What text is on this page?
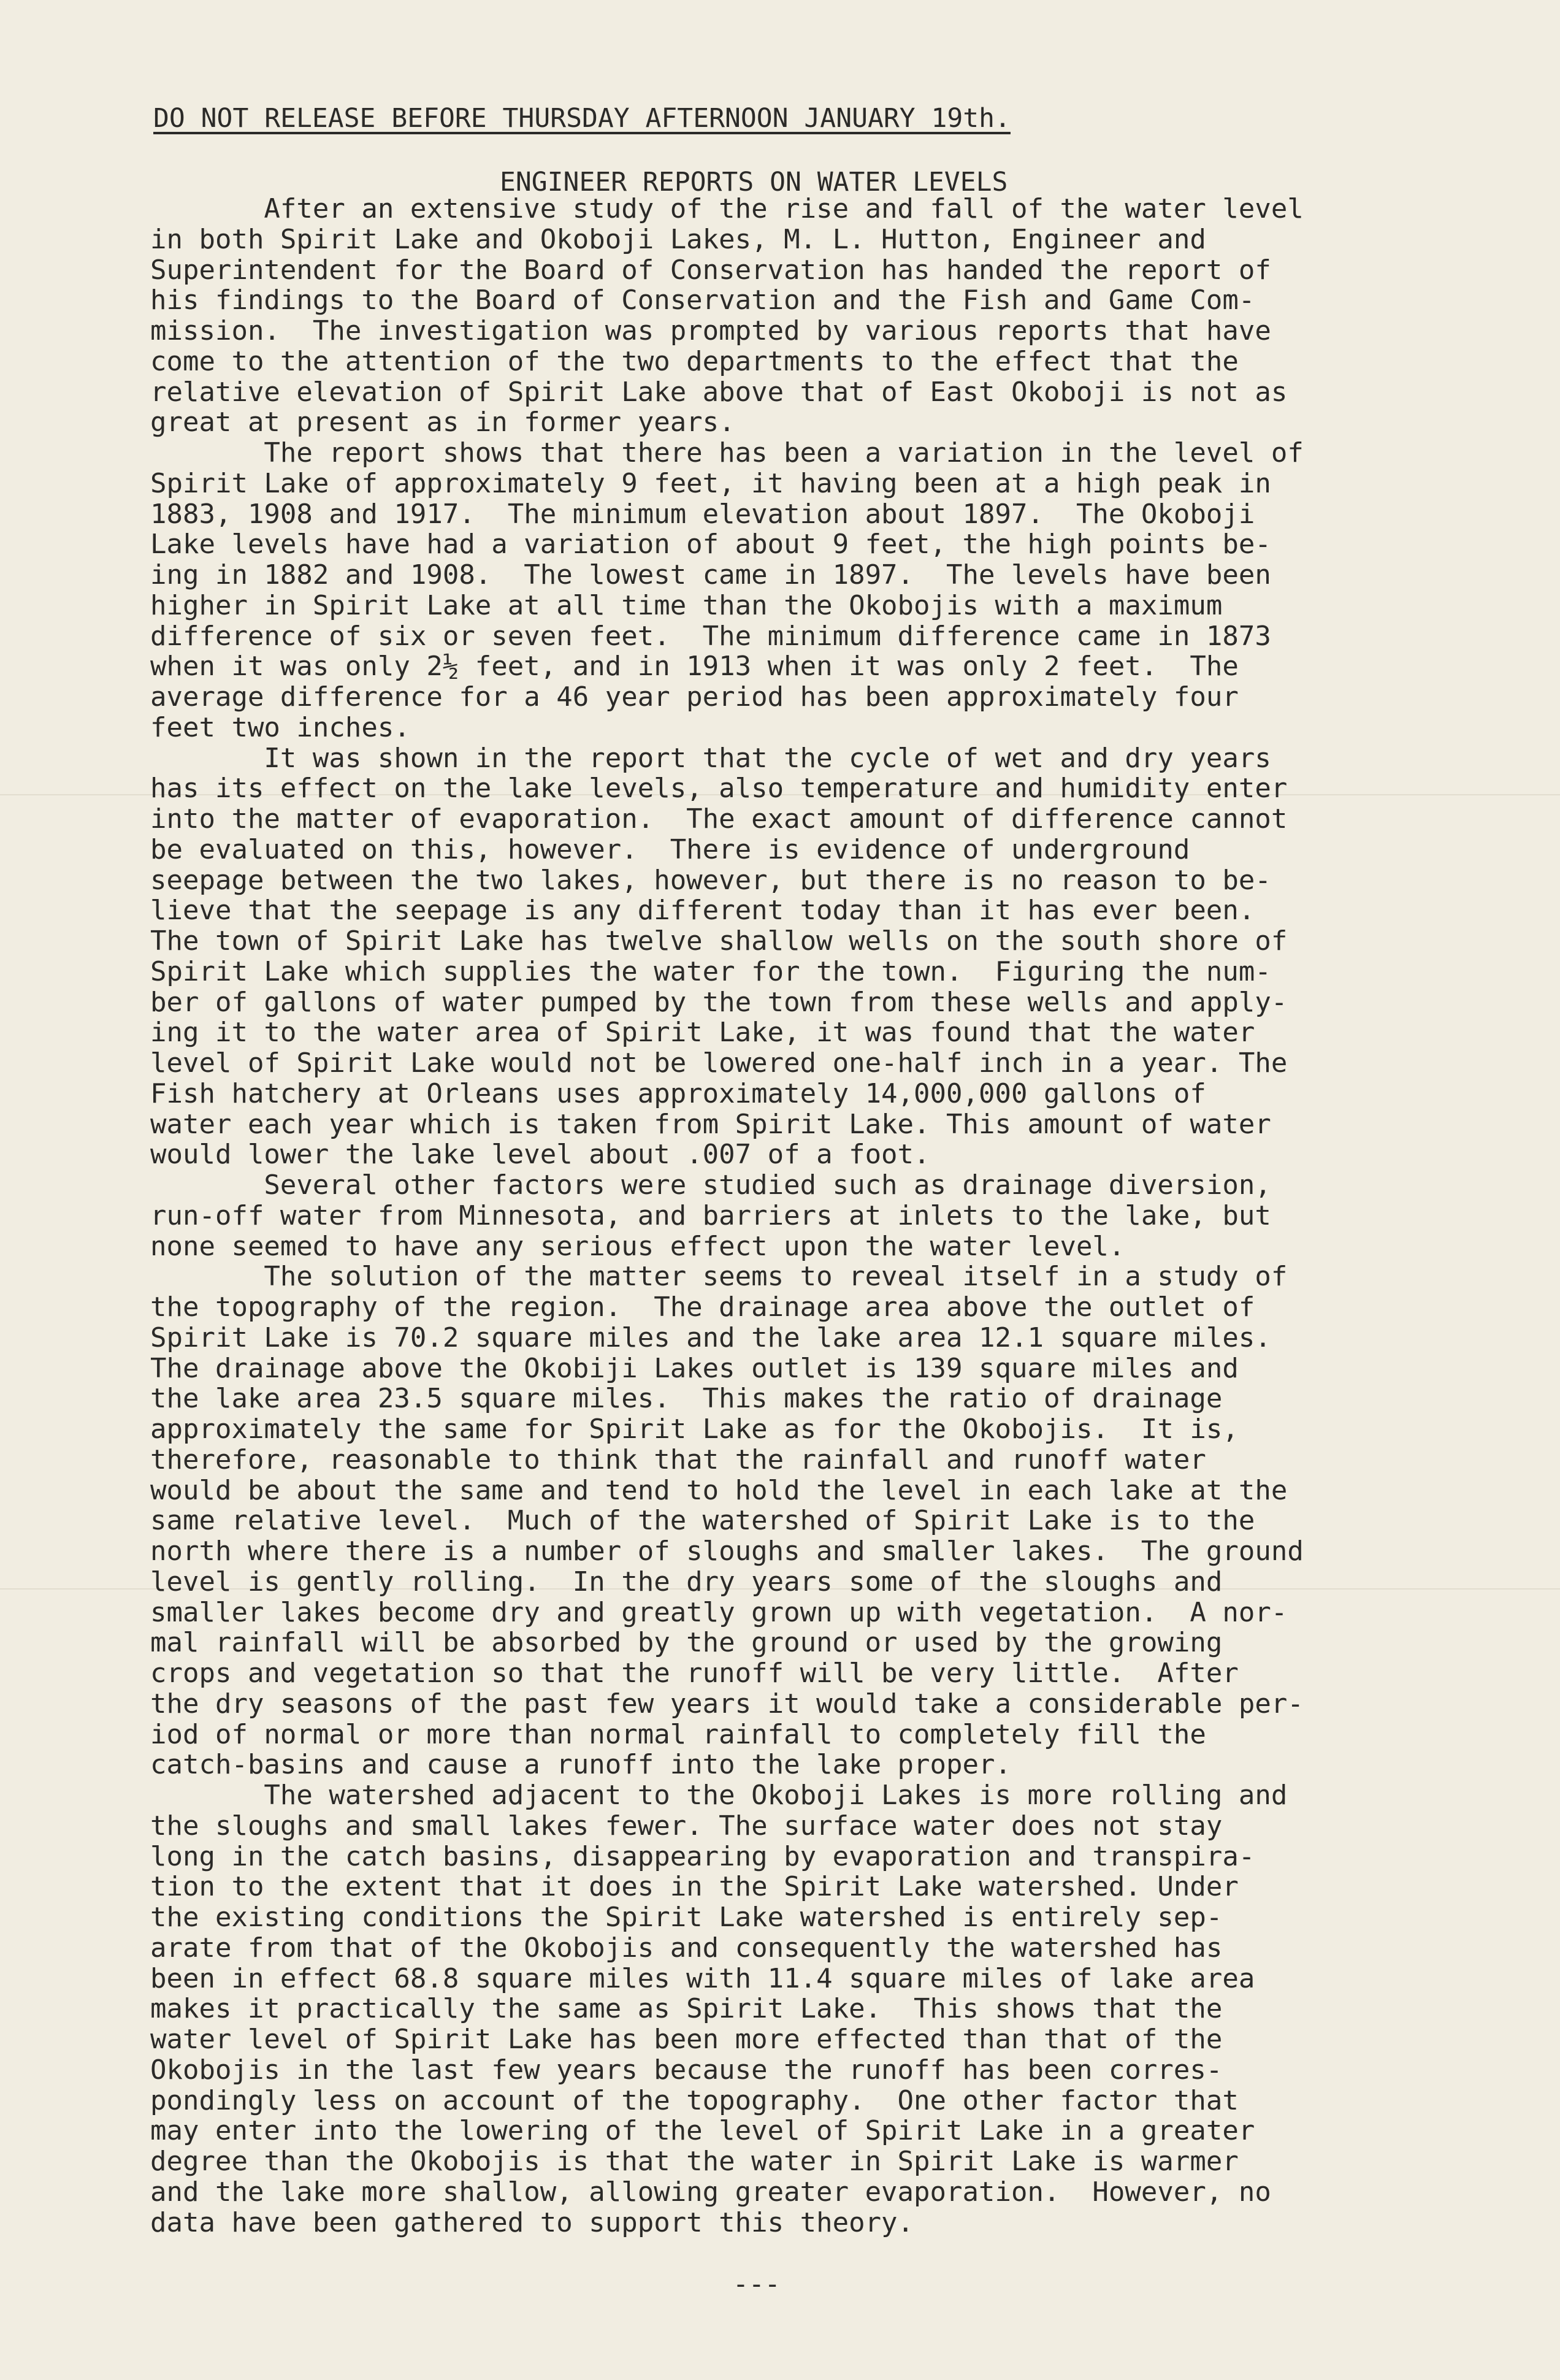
DO NOT RELEASE BEFORE THURSDAY AFTERNOON JANUARY 19th.
ENGINEER REPORTS ON WATER LEVELS
After an extensive study of the rise and fall of the water level
in both Spirit Lake and Okoboji Lakes, M. L. Hutton, Engineer and
Superintendent for the Board of Conservation has handed the report of
his findings to the Board of Conservation and the Fish and Game Com-
mission.  The investigation was prompted by various reports that have
come to the attention of the two departments to the effect that the
relative elevation of Spirit Lake above that of East Okoboji is not as
great at present as in former years.
The report shows that there has been a variation in the level of
Spirit Lake of approximately 9 feet, it having been at a high peak in
1883, 1908 and 1917.  The minimum elevation about 1897.  The Okoboji
Lake levels have had a variation of about 9 feet, the high points be-
ing in 1882 and 1908.  The lowest came in 1897.  The levels have been
higher in Spirit Lake at all time than the Okobojis with a maximum
difference of six or seven feet.  The minimum difference came in 1873
when it was only 2½ feet, and in 1913 when it was only 2 feet.  The
average difference for a 46 year period has been approximately four
feet two inches.
It was shown in the report that the cycle of wet and dry years
has its effect on the lake levels, also temperature and humidity enter
into the matter of evaporation.  The exact amount of difference cannot
be evaluated on this, however.  There is evidence of underground
seepage between the two lakes, however, but there is no reason to be-
lieve that the seepage is any different today than it has ever been.
The town of Spirit Lake has twelve shallow wells on the south shore of
Spirit Lake which supplies the water for the town.  Figuring the num-
ber of gallons of water pumped by the town from these wells and apply-
ing it to the water area of Spirit Lake, it was found that the water
level of Spirit Lake would not be lowered one-half inch in a year. The
Fish hatchery at Orleans uses approximately 14,000,000 gallons of
water each year which is taken from Spirit Lake. This amount of water
would lower the lake level about .007 of a foot.
Several other factors were studied such as drainage diversion,
run-off water from Minnesota, and barriers at inlets to the lake, but
none seemed to have any serious effect upon the water level.
The solution of the matter seems to reveal itself in a study of
the topography of the region.  The drainage area above the outlet of
Spirit Lake is 70.2 square miles and the lake area 12.1 square miles.
The drainage above the Okobiji Lakes outlet is 139 square miles and
the lake area 23.5 square miles.  This makes the ratio of drainage
approximately the same for Spirit Lake as for the Okobojis.  It is,
therefore, reasonable to think that the rainfall and runoff water
would be about the same and tend to hold the level in each lake at the
same relative level.  Much of the watershed of Spirit Lake is to the
north where there is a number of sloughs and smaller lakes.  The ground
level is gently rolling.  In the dry years some of the sloughs and
smaller lakes become dry and greatly grown up with vegetation.  A nor-
mal rainfall will be absorbed by the ground or used by the growing
crops and vegetation so that the runoff will be very little.  After
the dry seasons of the past few years it would take a considerable per-
iod of normal or more than normal rainfall to completely fill the
catch-basins and cause a runoff into the lake proper.
The watershed adjacent to the Okoboji Lakes is more rolling and
the sloughs and small lakes fewer. The surface water does not stay
long in the catch basins, disappearing by evaporation and transpira-
tion to the extent that it does in the Spirit Lake watershed. Under
the existing conditions the Spirit Lake watershed is entirely sep-
arate from that of the Okobojis and consequently the watershed has
been in effect 68.8 square miles with 11.4 square miles of lake area
makes it practically the same as Spirit Lake.  This shows that the
water level of Spirit Lake has been more effected than that of the
Okobojis in the last few years because the runoff has been corres-
pondingly less on account of the topography.  One other factor that
may enter into the lowering of the level of Spirit Lake in a greater
degree than the Okobojis is that the water in Spirit Lake is warmer
and the lake more shallow, allowing greater evaporation.  However, no
data have been gathered to support this theory.
---
